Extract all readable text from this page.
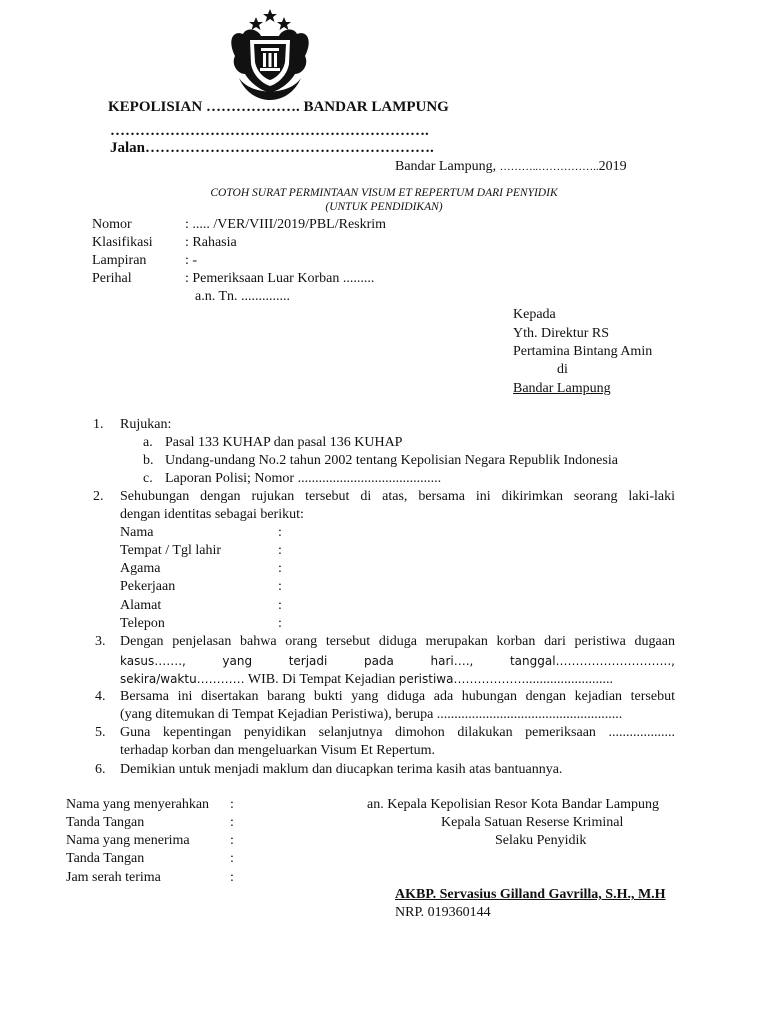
KEPOLISIAN ………………. BANDAR LAMPUNG
……………………………………………………….
Jalan………………………………………………….
Bandar Lampung, ………..……………..2019
COTOH SURAT PERMINTAAN VISUM ET REPERTUM DARI PENYIDIK
(UNTUK PENDIDIKAN)
Nomor	: ..... /VER/VIII/2019/PBL/Reskrim
Klasifikasi : Rahasia
Lampiran	: -
Perihal	: Pemeriksaan Luar Korban .........
a.n. Tn. ..............
Kepada
Yth. Direktur RS
Pertamina Bintang Amin
di
Bandar Lampung
1. Rujukan:
a. Pasal 133 KUHAP dan pasal 136 KUHAP
b. Undang-undang No.2 tahun 2002 tentang Kepolisian Negara Republik Indonesia
c. Laporan Polisi; Nomor .........................................
2. Sehubungan dengan rujukan tersebut di atas, bersama ini dikirimkan seorang laki-laki
dengan identitas sebagai berikut:
Nama	:
Tempat / Tgl lahir	:
Agama	:
Pekerjaan	:
Alamat	:
Telepon	:
3. Dengan penjelasan bahwa orang tersebut diduga merupakan korban dari peristiwa dugaan
kasus……., yang terjadi pada hari…., tanggal………………………..,
sekira/waktu………… WIB. Di Tempat Kejadian peristiwa……………….........................
4. Bersama ini disertakan barang bukti yang diduga ada hubungan dengan kejadian tersebut
(yang ditemukan di Tempat Kejadian Peristiwa), berupa .....................................................
5. Guna kepentingan penyidikan selanjutnya dimohon dilakukan pemeriksaan ...................
terhadap korban dan mengeluarkan Visum Et Repertum.
6. Demikian untuk menjadi maklum dan diucapkan terima kasih atas bantuannya.
Nama yang menyerahkan :
Tanda Tangan	:
Nama yang menerima	:
Tanda Tangan	:
Jam serah terima	:
an. Kepala Kepolisian Resor Kota Bandar Lampung
Kepala Satuan Reserse Kriminal
Selaku Penyidik
AKBP. Servasius Gilland Gavrilla, S.H., M.H
NRP. 019360144
